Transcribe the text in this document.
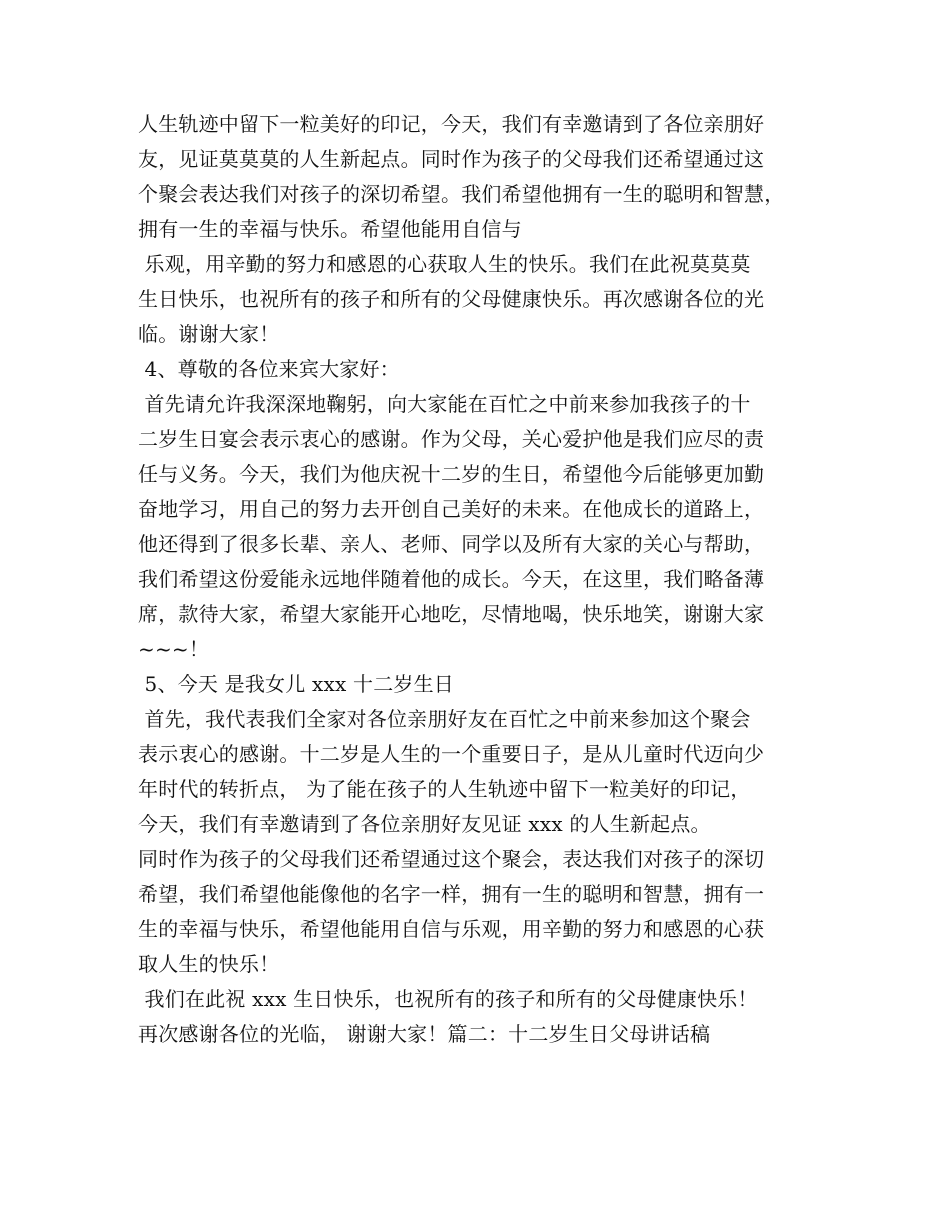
人生轨迹中留下一粒美好的印记，今天，我们有幸邀请到了各位亲朋好
友，见证莫莫莫的人生新起点。同时作为孩子的父母我们还希望通过这
个聚会表达我们对孩子的深切希望。我们希望他拥有一生的聪明和智慧，
拥有一生的幸福与快乐。希望他能用自信与
乐观，用辛勤的努力和感恩的心获取人生的快乐。我们在此祝莫莫莫
生日快乐，也祝所有的孩子和所有的父母健康快乐。再次感谢各位的光
临。谢谢大家！
4、尊敬的各位来宾大家好：
首先请允许我深深地鞠躬，向大家能在百忙之中前来参加我孩子的十
二岁生日宴会表示衷心的感谢。作为父母，关心爱护他是我们应尽的责
任与义务。今天，我们为他庆祝十二岁的生日，希望他今后能够更加勤
奋地学习，用自己的努力去开创自己美好的未来。在他成长的道路上，
他还得到了很多长辈、亲人、老师、同学以及所有大家的关心与帮助，
我们希望这份爱能永远地伴随着他的成长。今天，在这里，我们略备薄
席，款待大家，希望大家能开心地吃，尽情地喝，快乐地笑，谢谢大家
~~~！
5、今天 是我女儿 xxx 十二岁生日
首先，我代表我们全家对各位亲朋好友在百忙之中前来参加这个聚会
表示衷心的感谢。十二岁是人生的一个重要日子，是从儿童时代迈向少
年时代的转折点， 为了能在孩子的人生轨迹中留下一粒美好的印记，
今天，我们有幸邀请到了各位亲朋好友见证 xxx 的人生新起点。
同时作为孩子的父母我们还希望通过这个聚会，表达我们对孩子的深切
希望，我们希望他能像他的名字一样，拥有一生的聪明和智慧，拥有一
生的幸福与快乐，希望他能用自信与乐观，用辛勤的努力和感恩的心获
取人生的快乐！
我们在此祝 xxx 生日快乐，也祝所有的孩子和所有的父母健康快乐！
再次感谢各位的光临， 谢谢大家！篇二：十二岁生日父母讲话稿
